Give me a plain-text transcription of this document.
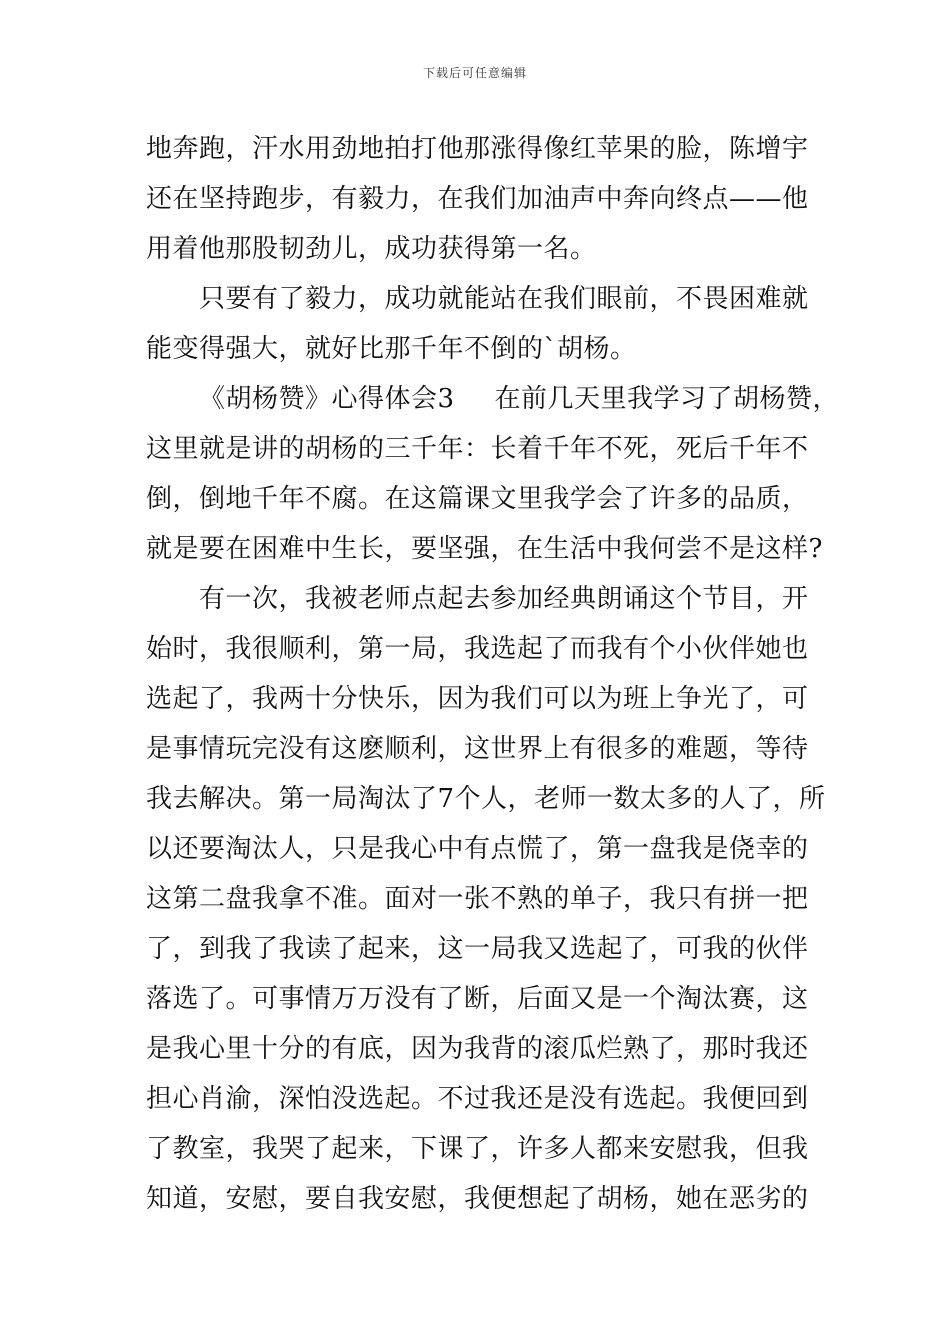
下载后可任意编辑
地奔跑，汗水用劲地拍打他那涨得像红苹果的脸，陈增宇
还在坚持跑步，有毅力，在我们加油声中奔向终点——他
用着他那股韧劲儿，成功获得第一名。
只要有了毅力，成功就能站在我们眼前，不畏困难就
能变得强大，就好比那千年不倒的`胡杨。
《胡杨赞》心得体会3 在前几天里我学习了胡杨赞，
这里就是讲的胡杨的三千年：长着千年不死，死后千年不
倒，倒地千年不腐。在这篇课文里我学会了许多的品质，
就是要在困难中生长，要坚强，在生活中我何尝不是这样?
有一次，我被老师点起去参加经典朗诵这个节目，开
始时，我很顺利，第一局，我选起了而我有个小伙伴她也
选起了，我两十分快乐，因为我们可以为班上争光了，可
是事情玩完没有这麽顺利，这世界上有很多的难题，等待
我去解决。第一局淘汰了7个人，老师一数太多的人了，所
以还要淘汰人，只是我心中有点慌了，第一盘我是侥幸的
这第二盘我拿不准。面对一张不熟的单子，我只有拼一把
了，到我了我读了起来，这一局我又选起了，可我的伙伴
落选了。可事情万万没有了断，后面又是一个淘汰赛，这
是我心里十分的有底，因为我背的滚瓜烂熟了，那时我还
担心肖渝，深怕没选起。不过我还是没有选起。我便回到
了教室，我哭了起来，下课了，许多人都来安慰我，但我
知道，安慰，要自我安慰，我便想起了胡杨，她在恶劣的
